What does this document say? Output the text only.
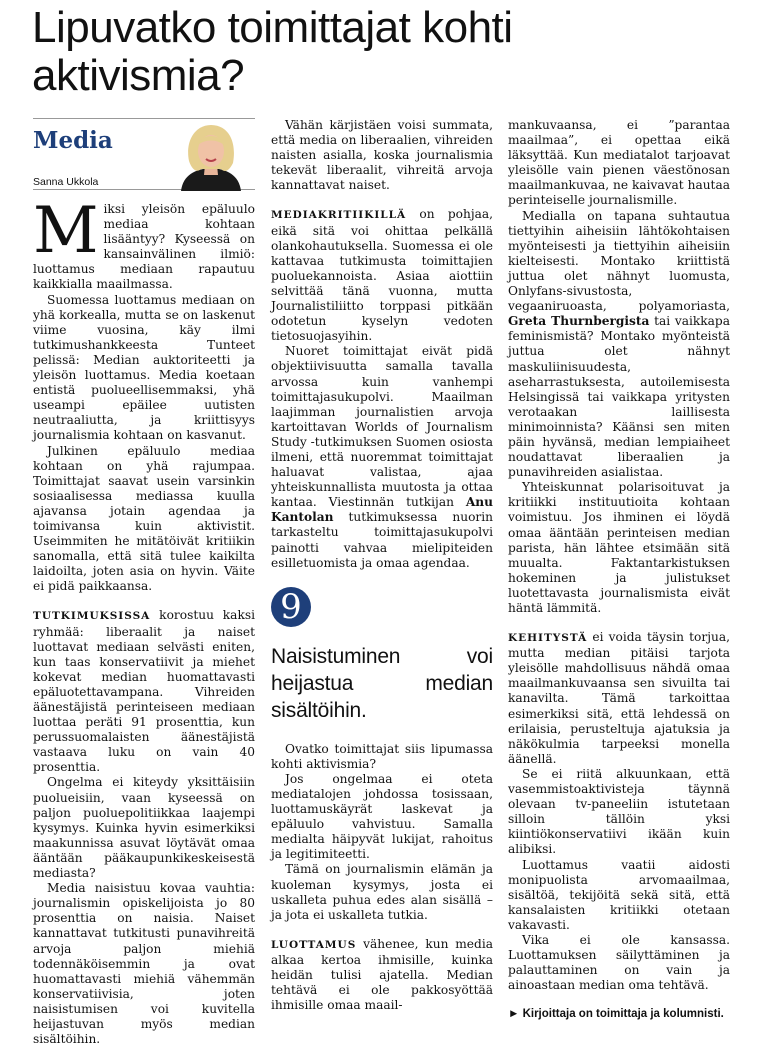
Lipuvatko toimittajat kohti aktivismia?
Media
Sanna Ukkola

Miksi yleisön epäluulo mediaa kohtaan lisääntyy? Kyseessä on kansainvälinen ilmiö: luottamus mediaan rapautuu kaikkialla maailmassa.

Suomessa luottamus mediaan on yhä korkealla, mutta se on laskenut viime vuosina, käy ilmi tutkimushankkeesta Tunteet pelissä: Median auktoriteetti ja yleisön luottamus. Media koetaan entistä puolueellisemmaksi, yhä useampi epäilee uutisten neutraaliutta, ja kriittisyys journalismia kohtaan on kasvanut.

Julkinen epäluulo mediaa kohtaan on yhä rajumpaa. Toimittajat saavat usein varsinkin sosiaalisessa mediassa kuulla ajavansa jotain agendaa ja toimivansa kuin aktivistit. Useimmiten he mitätöivät kritiikin sanomalla, että sitä tulee kaikilta laidoilta, joten asia on hyvin. Väite ei pidä paikkaansa.

TUTKIMUKSISSA korostuu kaksi ryhmää: liberaalit ja naiset luottavat mediaan selvästi eniten, kun taas konservatiivit ja miehet kokevat median huomattavasti epäluotettavampana. Vihreiden äänestäjistä perinteiseen mediaan luottaa peräti 91 prosenttia, kun perussuomalaisten äänestäjistä vastaava luku on vain 40 prosenttia.

Ongelma ei kiteydy yksittäisiin puolueisiin, vaan kyseessä on paljon puoluepolitiikkaa laajempi kysymys. Kuinka hyvin esimerkiksi maakunnissa asuvat löytävät omaa ääntään pääkaupunkikeskeisestä mediasta?

Media naisistuu kovaa vauhtia: journalismin opiskelijoista jo 80 prosenttia on naisia. Naiset kannattavat tutkitusti punavihreitä arvoja paljon miehiä todennäköisemmin ja ovat huomattavasti miehiä vähemmän konservatiivisia, joten naisistumisen voi kuvitella heijastuvan myös median sisältöihin.

Vähän kärjistäen voisi summata, että media on liberaalien, vihreiden naisten asialla, koska journalismia tekevät liberaalit, vihreitä arvoja kannattavat naiset.

MEDIAKRITIIKILLÄ on pohjaa, eikä sitä voi ohittaa pelkällä olankohautuksella. Suomessa ei ole kattavaa tutkimusta toimittajien puoluekannoista. Asiaa aiottiin selvittää tänä vuonna, mutta Journalistiliitto torppasi pitkään odotetun kyselyn vedoten tietosuojasyihin.

Nuoret toimittajat eivät pidä objektiivisuutta samalla tavalla arvossa kuin vanhempi toimittajasukupolvi. Maailman laajimman journalistien arvoja kartoittavan Worlds of Journalism Study -tutkimuksen Suomen osiosta ilmeni, että nuoremmat toimittajat haluavat valistaa, ajaa yhteiskunnallista muutosta ja ottaa kantaa. Viestinnän tutkijan Anu Kantolan tutkimuksessa nuorin tarkasteltu toimittajasukupolvi painotti vahvaa mielipiteiden esilletuomista ja omaa agendaa.

9
Naisistuminen voi heijastua median sisältöihin.

Ovatko toimittajat siis lipumassa kohti aktivismia?

Jos ongelmaa ei oteta mediatalojen johdossa tosissaan, luottamuskäyrät laskevat ja epäluulo vahvistuu. Samalla medialta häipyvät lukijat, rahoitus ja legitimiteetti.

Tämä on journalismin elämän ja kuoleman kysymys, josta ei uskalleta puhua edes alan sisällä – ja jota ei uskalleta tutkia.

LUOTTAMUS vähenee, kun media alkaa kertoa ihmisille, kuinka heidän tulisi ajatella. Median tehtävä ei ole pakkosyöttää ihmisille omaa maail-

mankuvaansa, ei ”parantaa maailmaa”, ei opettaa eikä läksyttää. Kun mediatalot tarjoavat yleisölle vain pienen väestönosan maailmankuvaa, ne kaivavat hautaa perinteiselle journalismille.

Medialla on tapana suhtautua tiettyihin aiheisiin lähtökohtaisen myönteisesti ja tiettyihin aiheisiin kielteisesti. Montako kriittistä juttua olet nähnyt luomusta, Onlyfans-sivustosta, vegaaniruoasta, polyamoriasta, Greta Thurnbergista tai vaikkapa feminismistä? Montako myönteistä juttua olet nähnyt maskuliinisuudesta, aseharrastuksesta, autoilemisesta Helsingissä tai vaikkapa yritysten verotaakan laillisesta minimoinnista? Käänsi sen miten päin hyvänsä, median lempiaiheet noudattavat liberaalien ja punavihreiden asialistaa.

Yhteiskunnat polarisoituvat ja kritiikki instituutioita kohtaan voimistuu. Jos ihminen ei löydä omaa ääntään perinteisen median parista, hän lähtee etsimään sitä muualta. Faktantarkistuksen hokeminen ja julistukset luotettavasta journalismista eivät häntä lämmitä.

KEHITYSTÄ ei voida täysin torjua, mutta median pitäisi tarjota yleisölle mahdollisuus nähdä omaa maailmankuvaansa sen sivuilta tai kanavilta. Tämä tarkoittaa esimerkiksi sitä, että lehdessä on erilaisia, perusteltuja ajatuksia ja näkökulmia tarpeeksi monella äänellä.

Se ei riitä alkuunkaan, että vasemmistoaktivisteja täynnä olevaan tv-paneeliin istutetaan silloin tällöin yksi kiintiökonservatiivi ikään kuin alibiksi.

Luottamus vaatii aidosti monipuolista arvomaailmaa, sisältöä, tekijöitä sekä sitä, että kansalaisten kritiikki otetaan vakavasti.

Vika ei ole kansassa. Luottamuksen säilyttäminen ja palauttaminen on vain ja ainoastaan median oma tehtävä.

► Kirjoittaja on toimittaja ja kolumnisti.
